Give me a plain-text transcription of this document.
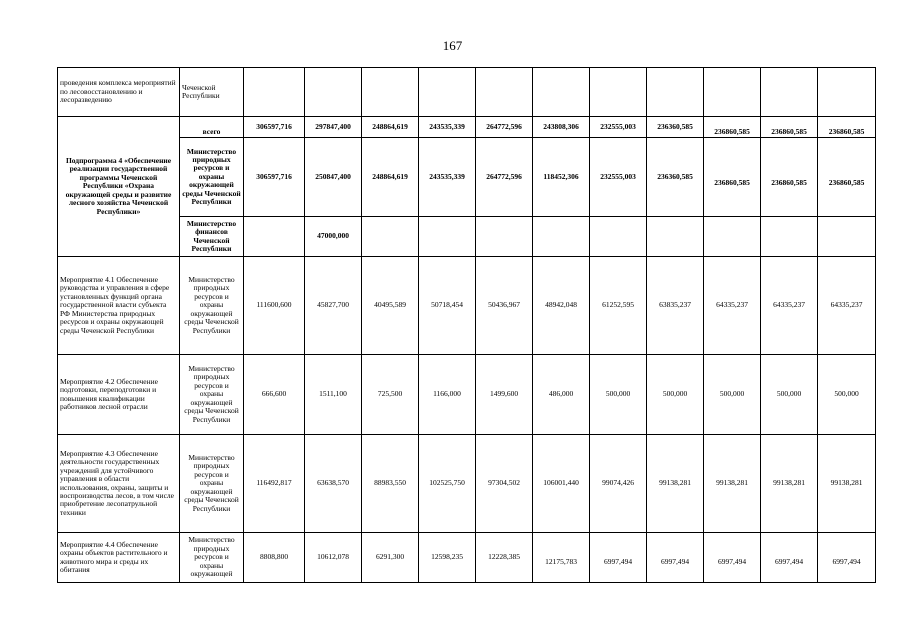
167
проведения комплекса мероприятий по лесовосстановлению и лесоразведению	Чеченской Республики											
Подпрограмма 4 «Обеспечение реализации государственной программы Чеченской Республики «Охрана окружающей среды и развитие лесного хозяйства Чеченской Республики»	всего	306597,716	297847,400	248864,619	243535,339	264772,596	243808,306	232555,003	236360,585	236860,585	236860,585	236860,585
	Министерство природных ресурсов и охраны окружающей среды Чеченской Республики	306597,716	250847,400	248864,619	243535,339	264772,596	118452,306	232555,003	236360,585	236860,585	236860,585	236860,585
	Министерство финансов Чеченской Республики		47000,000									
Мероприятие 4.1 Обеспечение руководства и управления в сфере установленных функций органа государственной власти субъекта РФ Министерства природных ресурсов и охраны окружающей среды Чеченской Республики	Министерство природных ресурсов и охраны окружающей среды Чеченской Республики	111600,600	45827,700	40495,589	50718,454	50436,967	48942,048	61252,595	63835,237	64335,237	64335,237	64335,237
Мероприятие 4.2 Обеспечение подготовки, переподготовки и повышения квалификации работников лесной отрасли	Министерство природных ресурсов и охраны окружающей среды Чеченской Республики	666,600	1511,100	725,500	1166,000	1499,600	486,000	500,000	500,000	500,000	500,000	500,000
Мероприятие 4.3 Обеспечение деятельности государственных учреждений для устойчивого управления в области использования, охраны, защиты и воспроизводства лесов, в том числе приобретение лесопатрульной техники	Министерство природных ресурсов и охраны окружающей среды Чеченской Республики	116492,817	63638,570	88983,550	102525,750	97304,502	106001,440	99074,426	99138,281	99138,281	99138,281	99138,281
Мероприятие 4.4 Обеспечение охраны объектов растительного и животного мира и среды их обитания	Министерство природных ресурсов и охраны окружающей	8808,800	10612,078	6291,300	12598,235	12228,385	12175,783	6997,494	6997,494	6997,494	6997,494	6997,494
